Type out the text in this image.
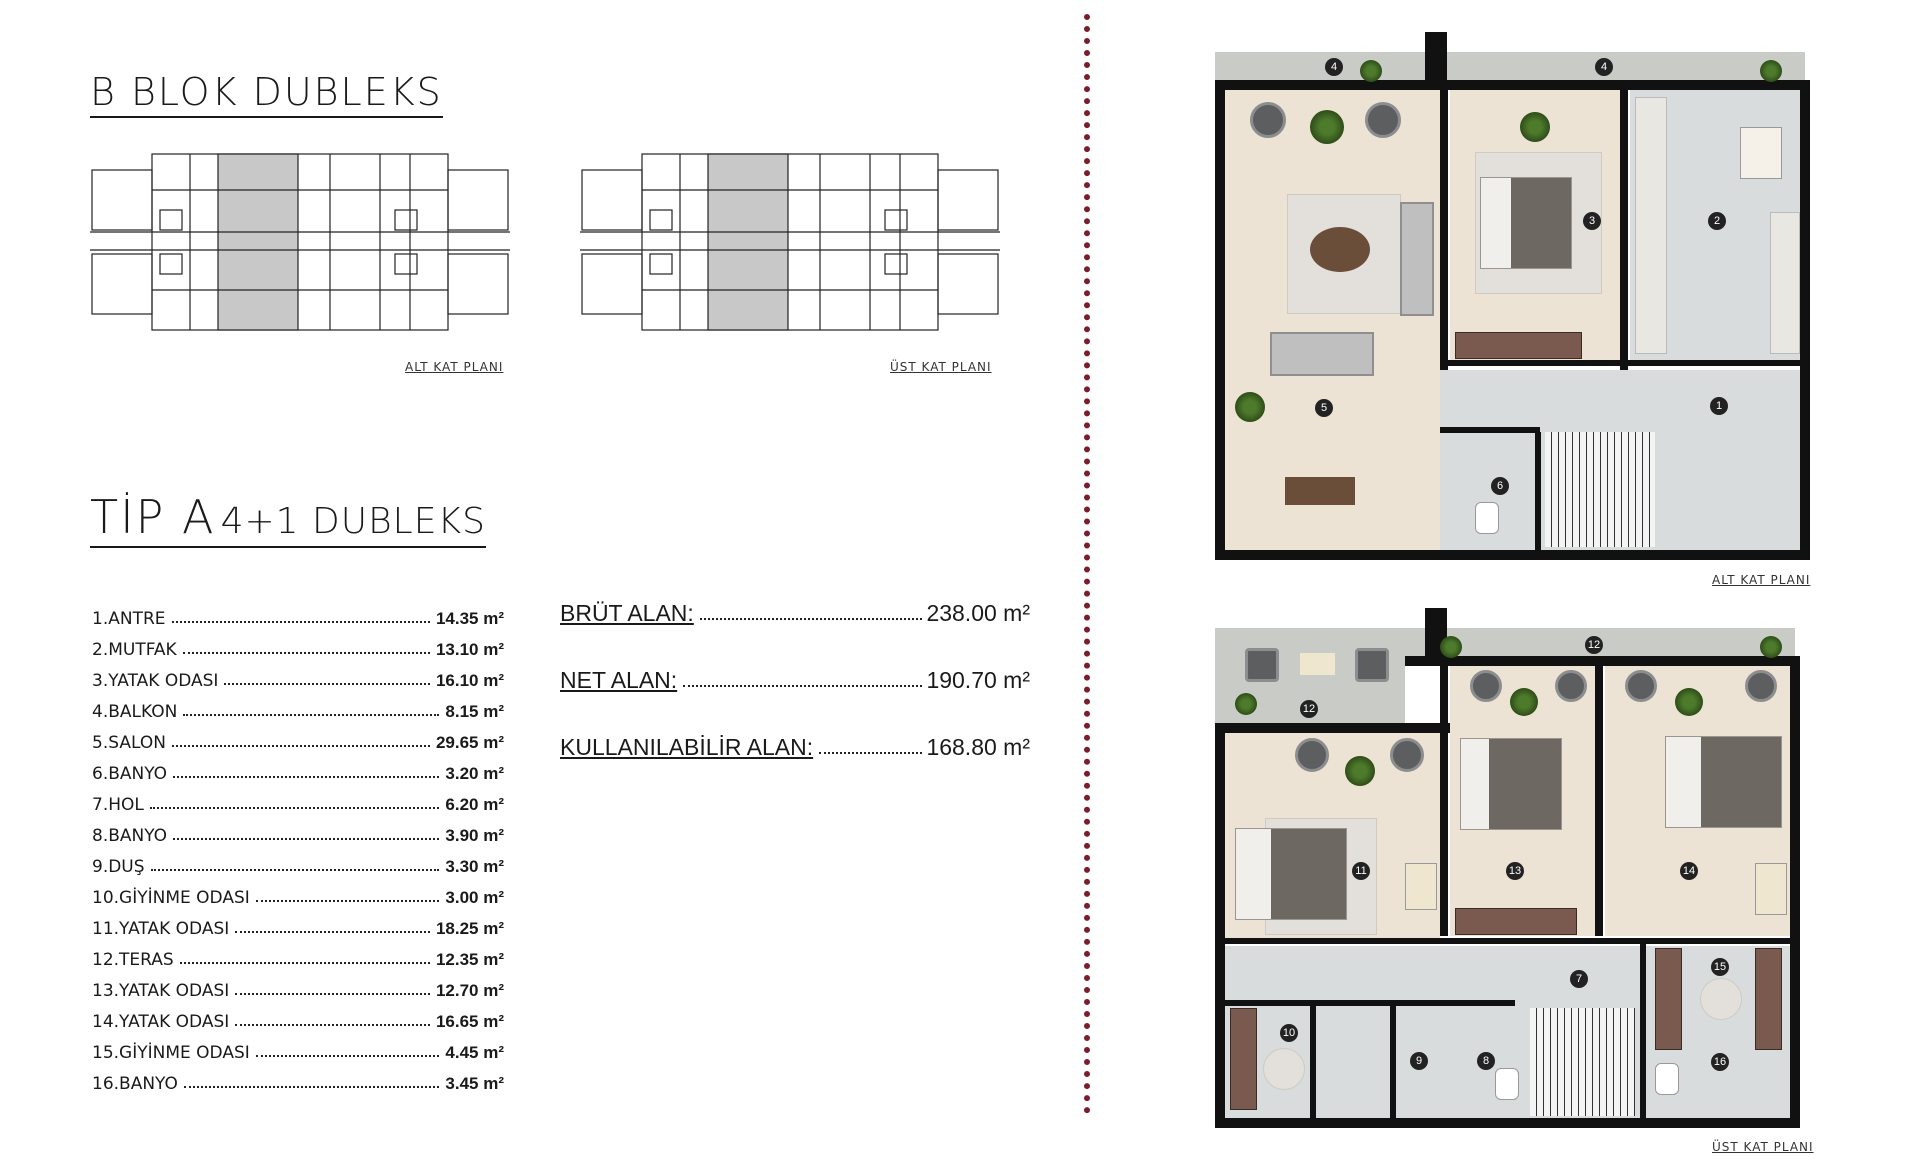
B BLOK DUBLEKS
ALT KAT PLANI	ÜST KAT PLANI
TİP A 4+1 DUBLEKS
1.ANTRE	14.35 m²
2.MUTFAK	13.10 m²
3.YATAK ODASI	16.10 m²
4.BALKON	8.15 m²
5.SALON	29.65 m²
6.BANYO	3.20 m²
7.HOL	6.20 m²
8.BANYO	3.90 m²
9.DUŞ	3.30 m²
10.GİYİNME ODASI	3.00 m²
11.YATAK ODASI	18.25 m²
12.TERAS	12.35 m²
13.YATAK ODASI	12.70 m²
14.YATAK ODASI	16.65 m²
15.GİYİNME ODASI	4.45 m²
16.BANYO	3.45 m²
BRÜT ALAN:	238.00 m²
NET ALAN:	190.70 m²
KULLANILABİLİR ALAN:	168.80 m²
1
2
3
4	4
5
6
ALT KAT PLANI
7
8
9
10
11
12
12
13	14
15
16
ÜST KAT PLANI
